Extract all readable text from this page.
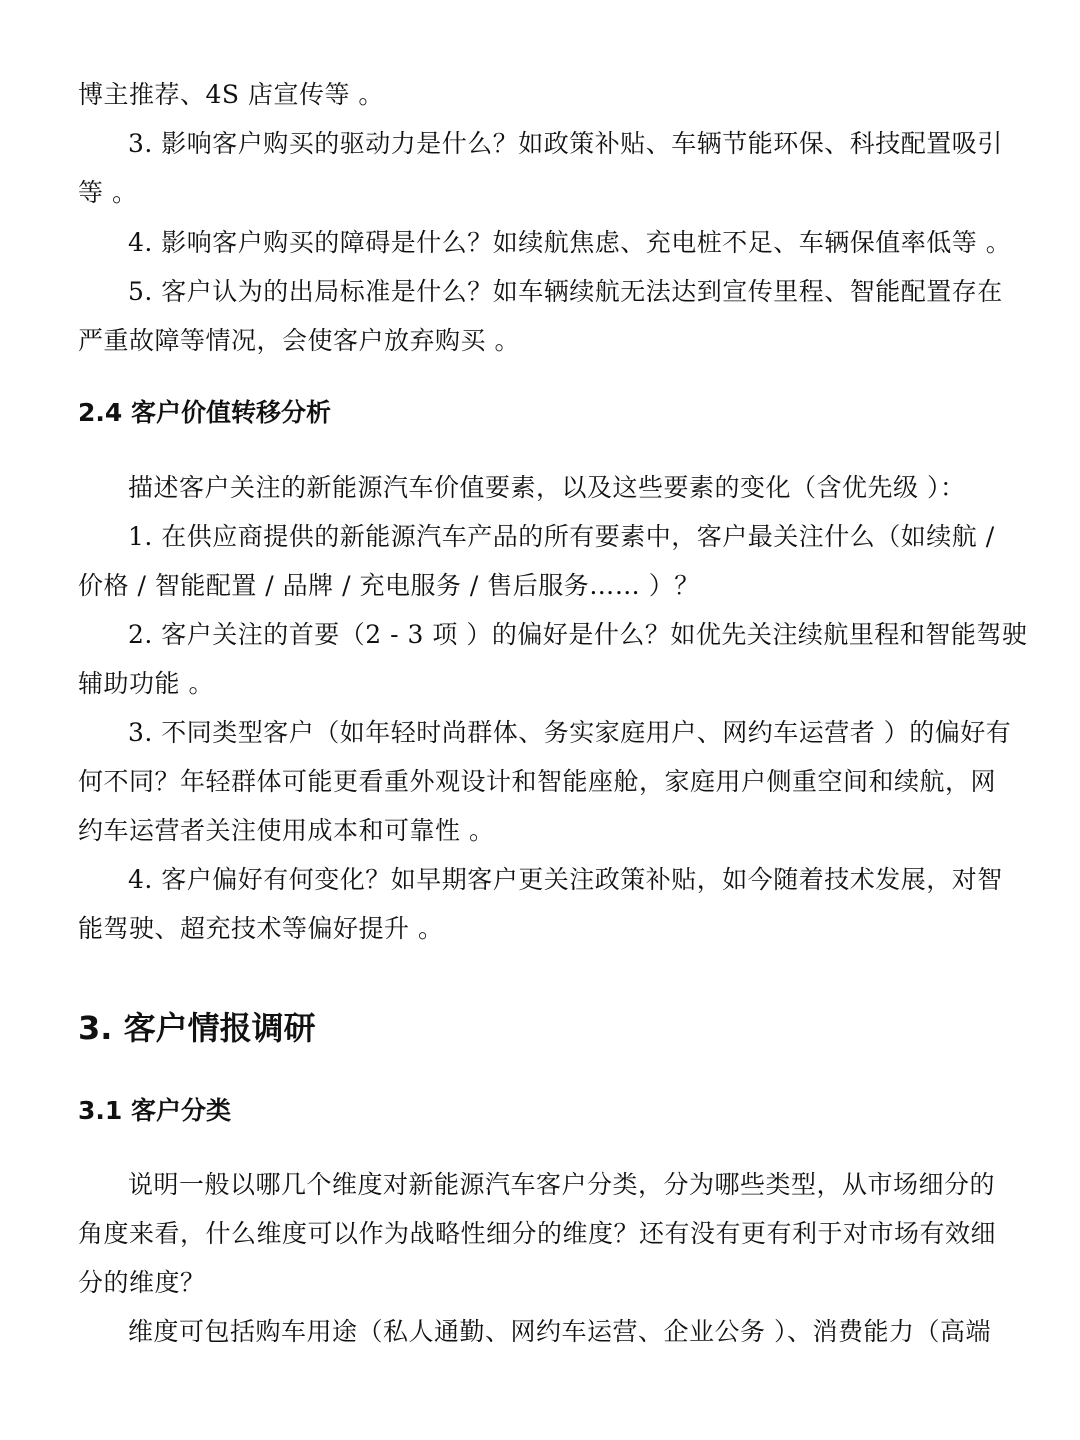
博主推荐、4S 店宣传等 。
3. 影响客户购买的驱动力是什么？如政策补贴、车辆节能环保、科技配置吸引
等 。
4. 影响客户购买的障碍是什么？如续航焦虑、充电桩不足、车辆保值率低等 。
5. 客户认为的出局标准是什么？如车辆续航无法达到宣传里程、智能配置存在
严重故障等情况，会使客户放弃购买 。
2.4 客户价值转移分析
描述客户关注的新能源汽车价值要素，以及这些要素的变化（含优先级 ）：
1. 在供应商提供的新能源汽车产品的所有要素中，客户最关注什么（如续航 /
价格 / 智能配置 / 品牌 / 充电服务 / 售后服务…… ）？
2. 客户关注的首要（2 - 3 项 ）的偏好是什么？如优先关注续航里程和智能驾驶
辅助功能 。
3. 不同类型客户（如年轻时尚群体、务实家庭用户、网约车运营者 ）的偏好有
何不同？年轻群体可能更看重外观设计和智能座舱，家庭用户侧重空间和续航，网
约车运营者关注使用成本和可靠性 。
4. 客户偏好有何变化？如早期客户更关注政策补贴，如今随着技术发展，对智
能驾驶、超充技术等偏好提升 。
3. 客户情报调研
3.1 客户分类
说明一般以哪几个维度对新能源汽车客户分类，分为哪些类型，从市场细分的
角度来看，什么维度可以作为战略性细分的维度？还有没有更有利于对市场有效细
分的维度？
维度可包括购车用途（私人通勤、网约车运营、企业公务 ）、消费能力（高端
